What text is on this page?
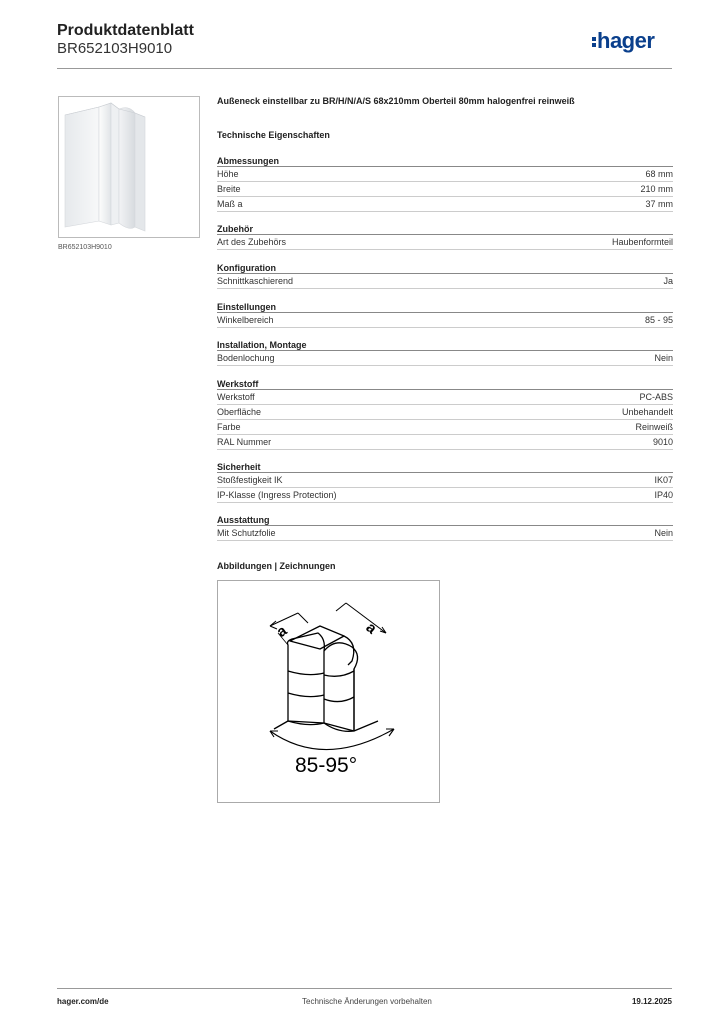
Produktdatenblatt
BR652103H9010	hager
BR652103H9010
Außeneck einstellbar zu BR/H/N/A/S 68x210mm Oberteil 80mm halogenfrei reinweiß
Technische Eigenschaften
Abmessungen
Höhe	68 mm
Breite	210 mm
Maß a	37 mm
Zubehör
Art des Zubehörs	Haubenformteil
Konfiguration
Schnittkaschierend	Ja
Einstellungen
Winkelbereich	85 - 95
Installation, Montage
Bodenlochung	Nein
Werkstoff
Werkstoff	PC-ABS
Oberfläche	Unbehandelt
Farbe	Reinweiß
RAL Nummer	9010
Sicherheit
Stoßfestigkeit IK	IK07
IP-Klasse (Ingress Protection)	IP40
Ausstattung
Mit Schutzfolie	Nein
Abbildungen | Zeichnungen
a	a
85-95°
hager.com/de	Technische Änderungen vorbehalten	19.12.2025
